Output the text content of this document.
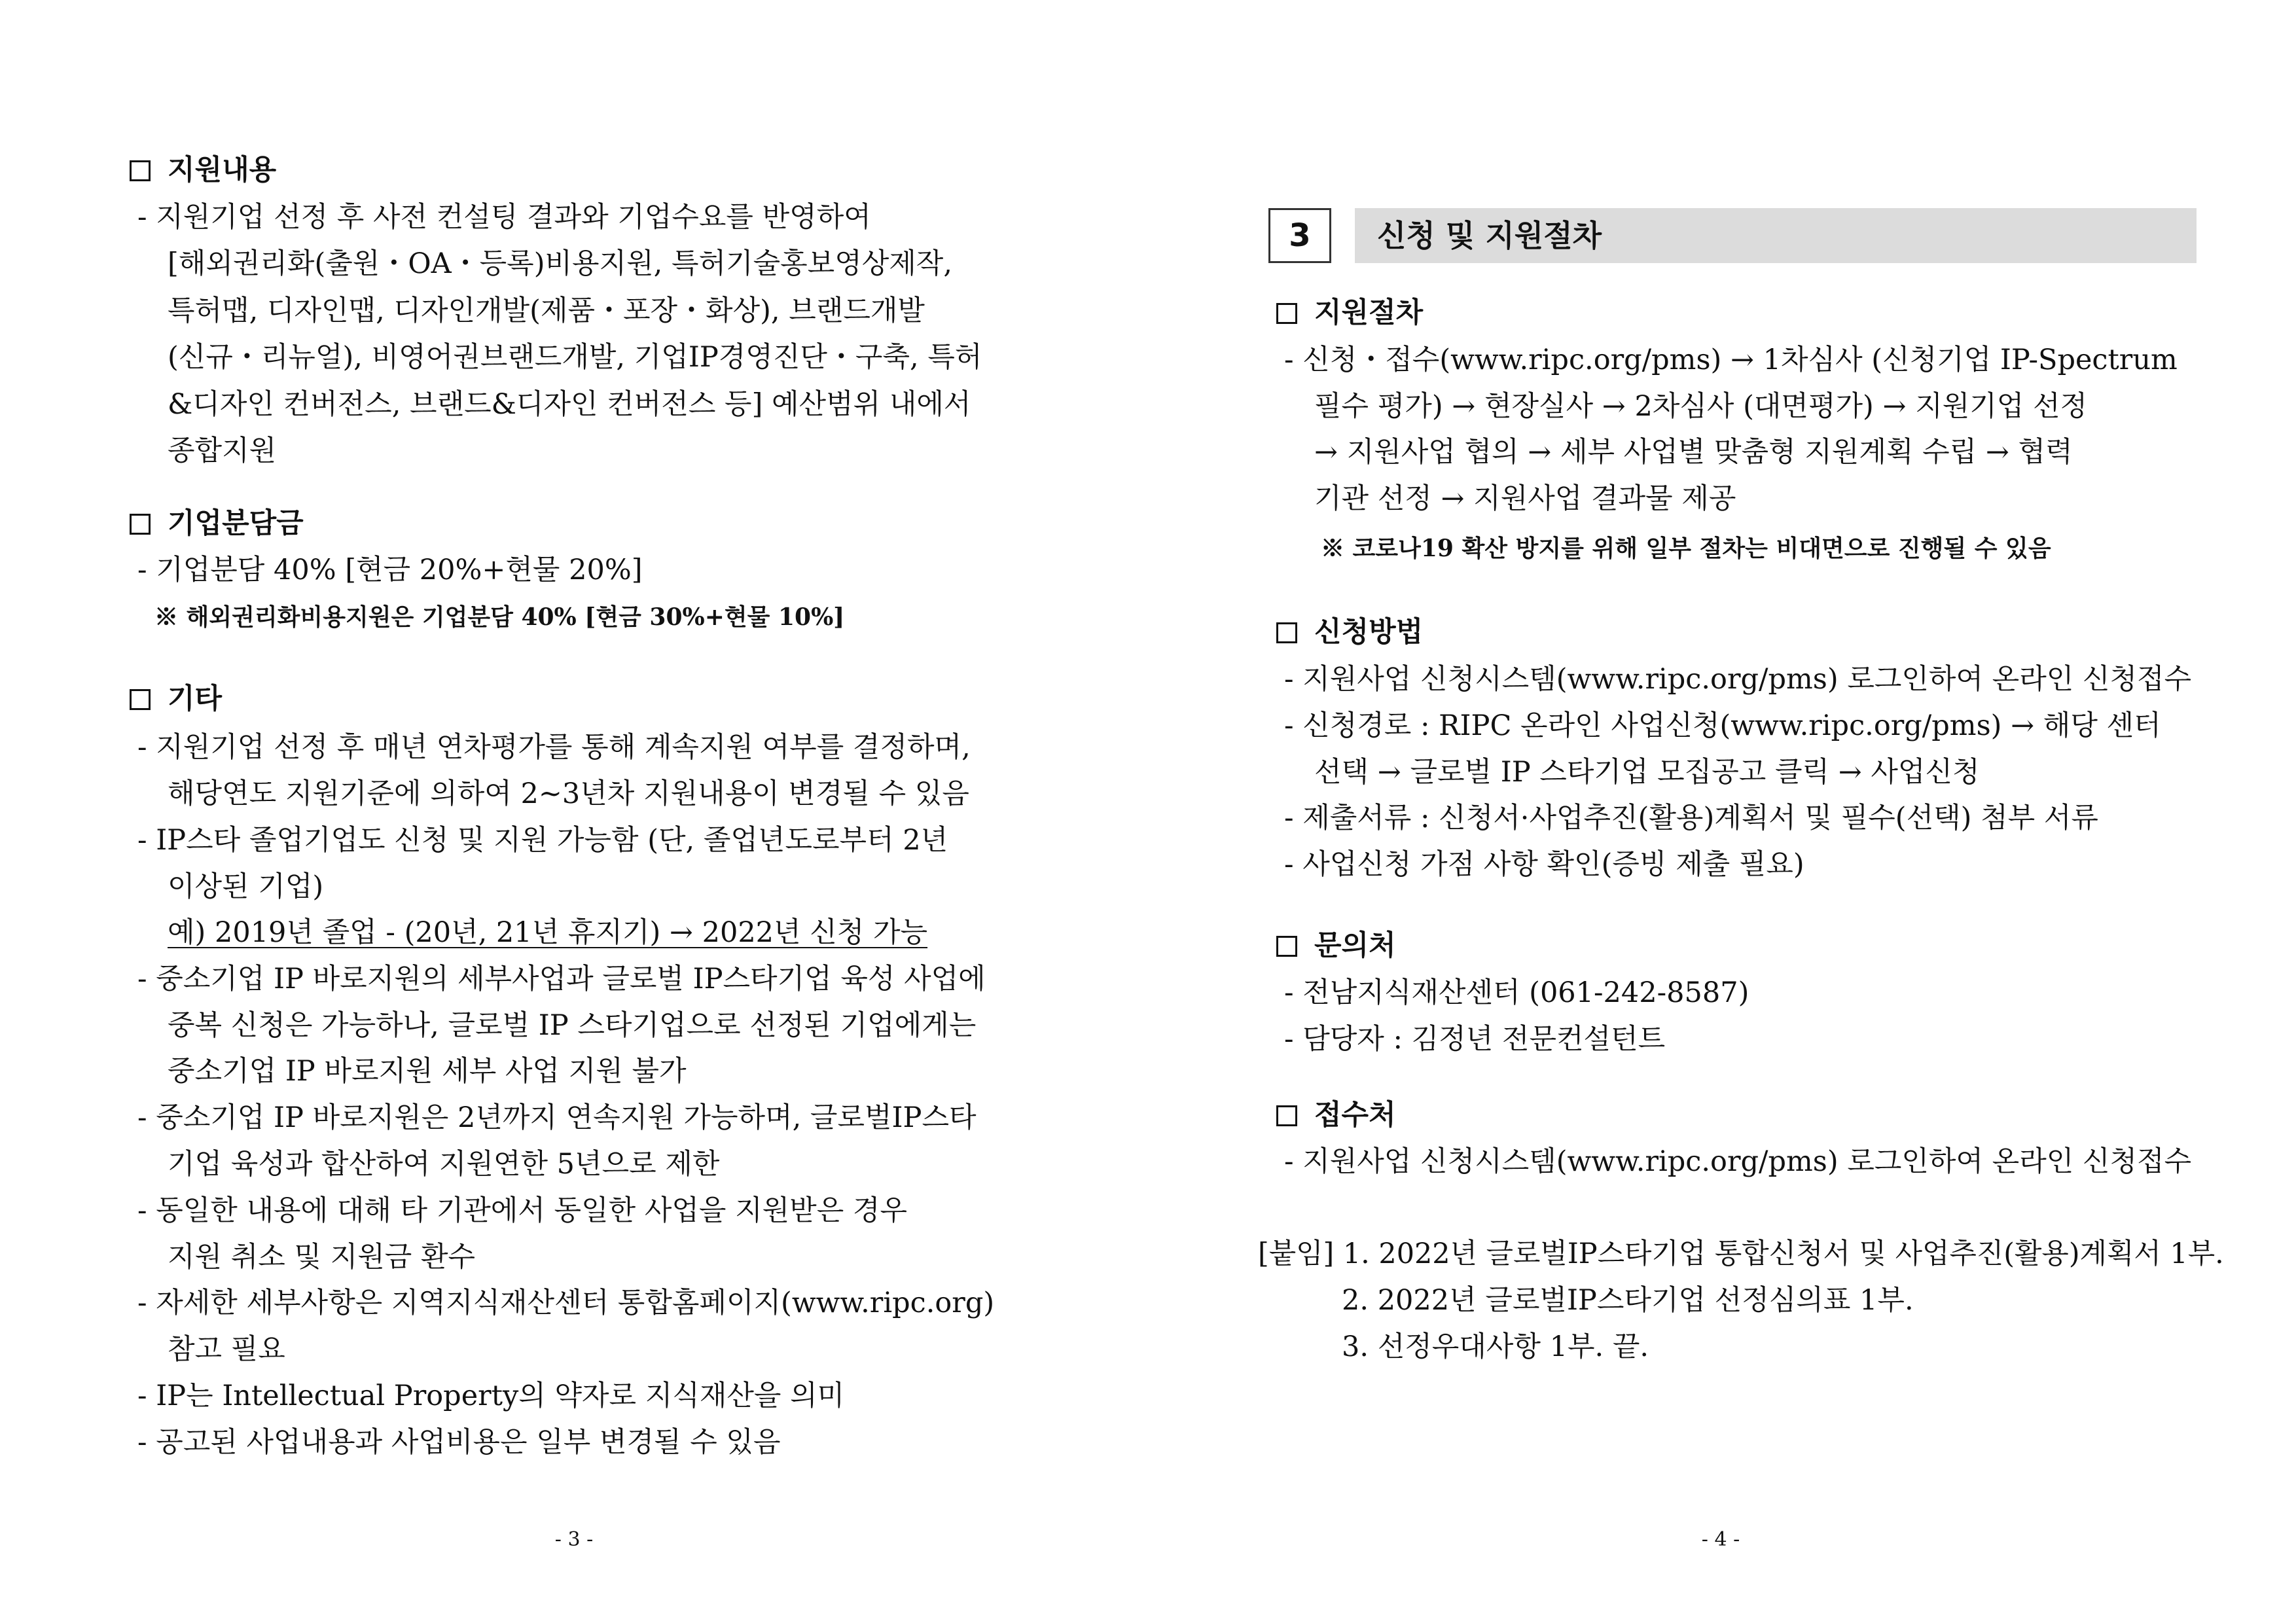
지원내용
- 지원기업 선정 후 사전 컨설팅 결과와 기업수요를 반영하여
[해외권리화(출원・OA・등록)비용지원, 특허기술홍보영상제작,
특허맵, 디자인맵, 디자인개발(제품・포장・화상), 브랜드개발
(신규・리뉴얼), 비영어권브랜드개발, 기업IP경영진단・구축, 특허
&디자인 컨버전스, 브랜드&디자인 컨버전스 등] 예산범위 내에서
종합지원
기업분담금
- 기업분담 40% [현금 20%+현물 20%]
※ 해외권리화비용지원은 기업분담 40% [현금 30%+현물 10%]
기타
- 지원기업 선정 후 매년 연차평가를 통해 계속지원 여부를 결정하며,
해당연도 지원기준에 의하여 2~3년차 지원내용이 변경될 수 있음
- IP스타 졸업기업도 신청 및 지원 가능함 (단, 졸업년도로부터 2년
이상된 기업)
예) 2019년 졸업 - (20년, 21년 휴지기) → 2022년 신청 가능
- 중소기업 IP 바로지원의 세부사업과 글로벌 IP스타기업 육성 사업에
중복 신청은 가능하나, 글로벌 IP 스타기업으로 선정된 기업에게는
중소기업 IP 바로지원 세부 사업 지원 불가
- 중소기업 IP 바로지원은 2년까지 연속지원 가능하며, 글로벌IP스타
기업 육성과 합산하여 지원연한 5년으로 제한
- 동일한 내용에 대해 타 기관에서 동일한 사업을 지원받은 경우
지원 취소 및 지원금 환수
- 자세한 세부사항은 지역지식재산센터 통합홈페이지(www.ripc.org)
참고 필요
- IP는 Intellectual Property의 약자로 지식재산을 의미
- 공고된 사업내용과 사업비용은 일부 변경될 수 있음
- 3 -
3	신청 및 지원절차
지원절차
- 신청・접수(www.ripc.org/pms) → 1차심사 (신청기업 IP-Spectrum
필수 평가) → 현장실사 → 2차심사 (대면평가) → 지원기업 선정
→ 지원사업 협의 → 세부 사업별 맞춤형 지원계획 수립 → 협력
기관 선정 → 지원사업 결과물 제공
※ 코로나19 확산 방지를 위해 일부 절차는 비대면으로 진행될 수 있음
신청방법
- 지원사업 신청시스템(www.ripc.org/pms) 로그인하여 온라인 신청접수
- 신청경로 : RIPC 온라인 사업신청(www.ripc.org/pms) → 해당 센터
선택 → 글로벌 IP 스타기업 모집공고 클릭 → 사업신청
- 제출서류 : 신청서·사업추진(활용)계획서 및 필수(선택) 첨부 서류
- 사업신청 가점 사항 확인(증빙 제출 필요)
문의처
- 전남지식재산센터 (061-242-8587)
- 담당자 : 김정년 전문컨설턴트
접수처
- 지원사업 신청시스템(www.ripc.org/pms) 로그인하여 온라인 신청접수
[붙임] 1. 2022년 글로벌IP스타기업 통합신청서 및 사업추진(활용)계획서 1부.
2. 2022년 글로벌IP스타기업 선정심의표 1부.
3. 선정우대사항 1부. 끝.
- 4 -
